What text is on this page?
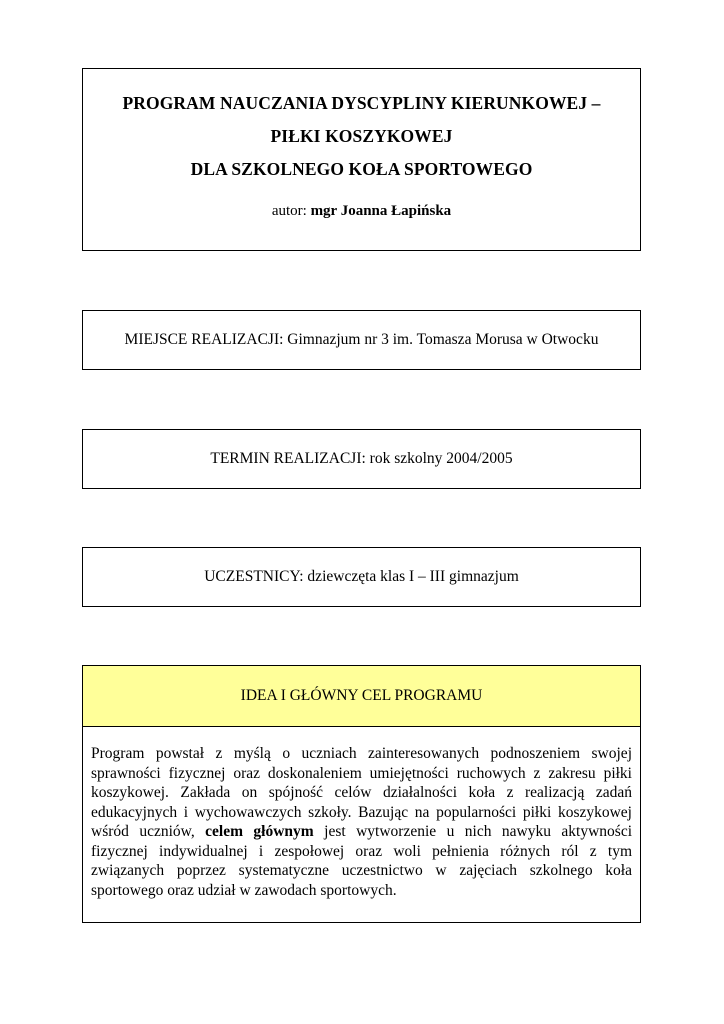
PROGRAM NAUCZANIA DYSCYPLINY KIERUNKOWEJ –
PIŁKI KOSZYKOWEJ
DLA SZKOLNEGO KOŁA SPORTOWEGO
autor: mgr Joanna Łapińska
MIEJSCE REALIZACJI: Gimnazjum nr 3 im. Tomasza Morusa w Otwocku
TERMIN REALIZACJI: rok szkolny 2004/2005
UCZESTNICY: dziewczęta klas I – III gimnazjum
IDEA I GŁÓWNY CEL PROGRAMU
Program powstał z myślą o uczniach zainteresowanych podnoszeniem swojej sprawności fizycznej oraz doskonaleniem umiejętności ruchowych z zakresu piłki koszykowej. Zakłada on spójność celów działalności koła z realizacją zadań edukacyjnych i wychowawczych szkoły. Bazując na popularności piłki koszykowej wśród uczniów, celem głównym jest wytworzenie u nich nawyku aktywności fizycznej indywidualnej i zespołowej oraz woli pełnienia różnych ról z tym związanych poprzez systematyczne uczestnictwo w zajęciach szkolnego koła sportowego oraz udział w zawodach sportowych.
